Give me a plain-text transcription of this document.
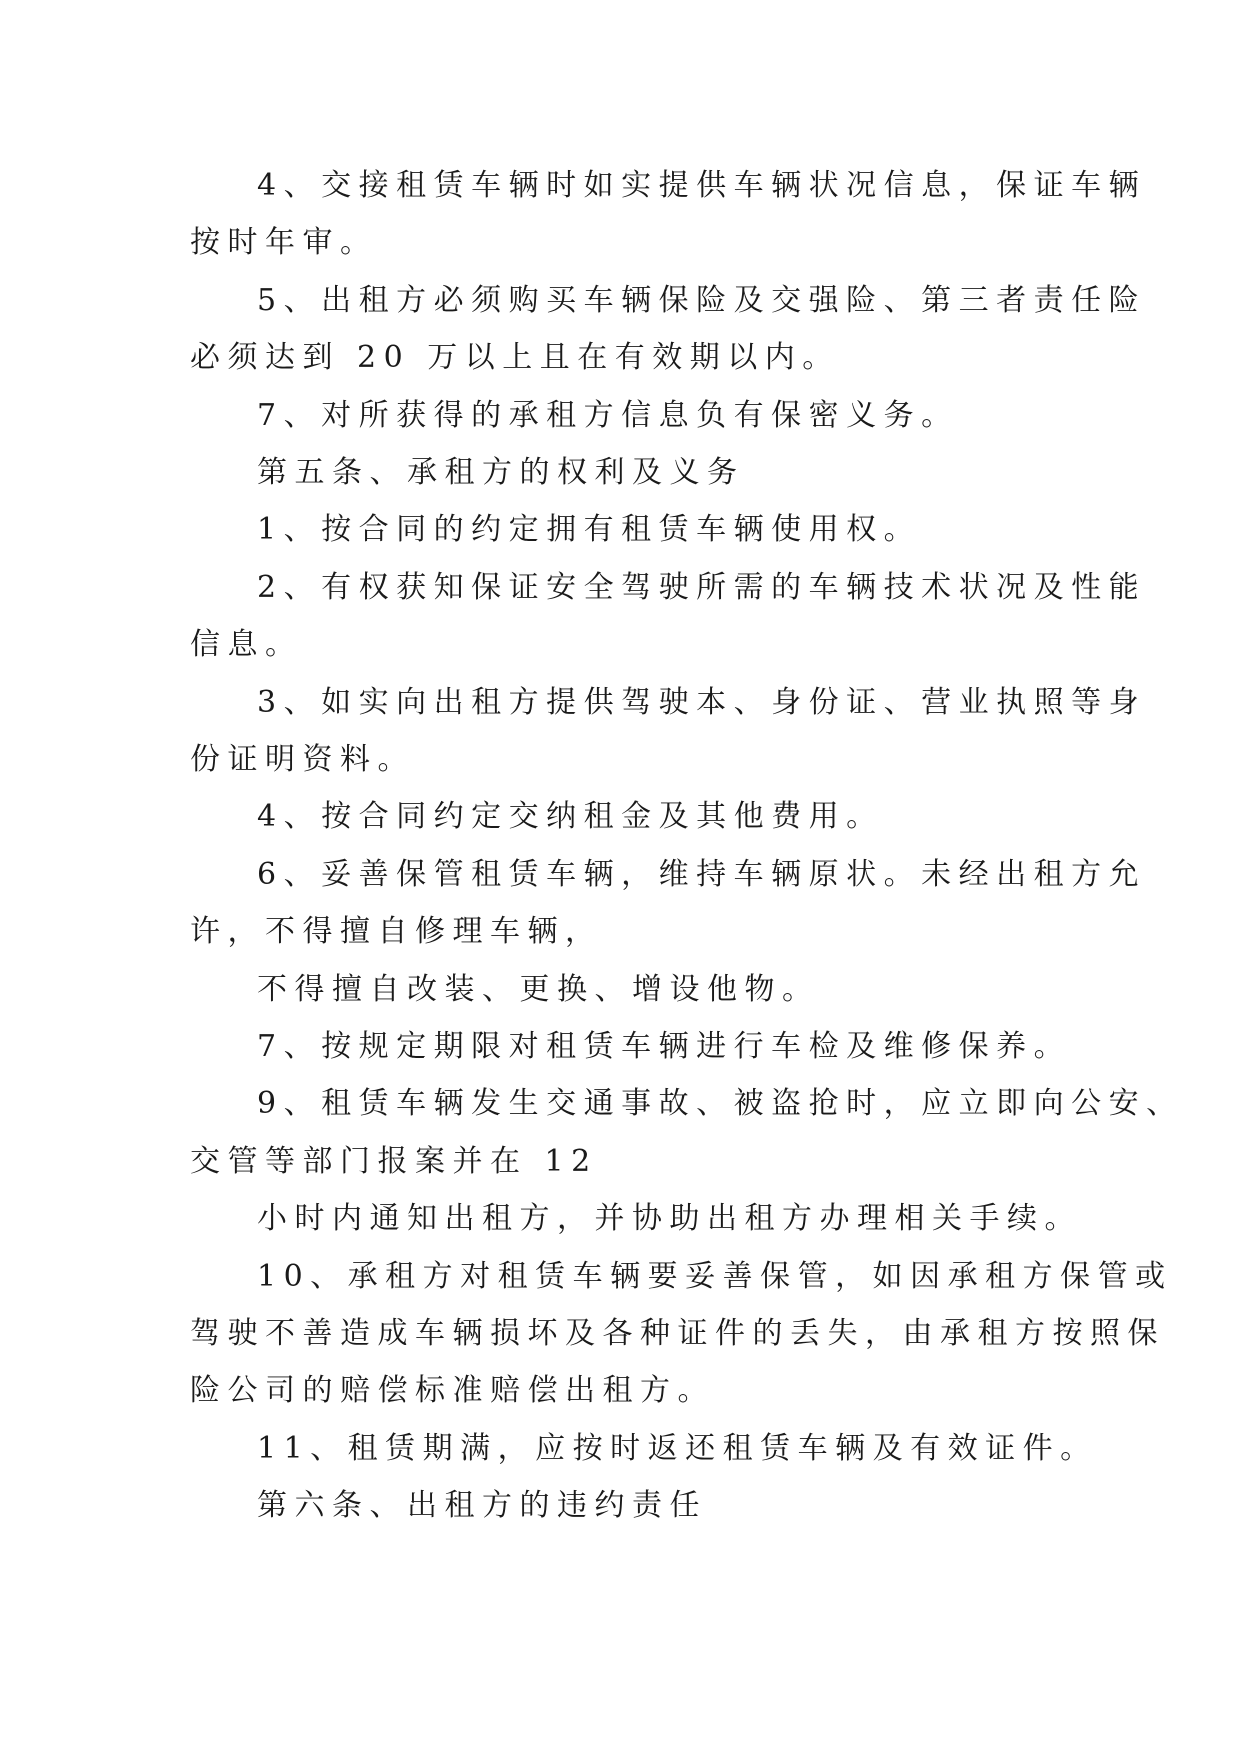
4、交接租赁车辆时如实提供车辆状况信息，保证车辆
按时年审。
5、出租方必须购买车辆保险及交强险、第三者责任险
必须达到 20 万以上且在有效期以内。
7、对所获得的承租方信息负有保密义务。
第五条、承租方的权利及义务
1、按合同的约定拥有租赁车辆使用权。
2、有权获知保证安全驾驶所需的车辆技术状况及性能
信息。
3、如实向出租方提供驾驶本、身份证、营业执照等身
份证明资料。
4、按合同约定交纳租金及其他费用。
6、妥善保管租赁车辆，维持车辆原状。未经出租方允
许，不得擅自修理车辆，
不得擅自改装、更换、增设他物。
7、按规定期限对租赁车辆进行车检及维修保养。
9、租赁车辆发生交通事故、被盗抢时，应立即向公安、
交管等部门报案并在 12
小时内通知出租方，并协助出租方办理相关手续。
10、承租方对租赁车辆要妥善保管，如因承租方保管或
驾驶不善造成车辆损坏及各种证件的丢失，由承租方按照保
险公司的赔偿标准赔偿出租方。
11、租赁期满，应按时返还租赁车辆及有效证件。
第六条、出租方的违约责任
